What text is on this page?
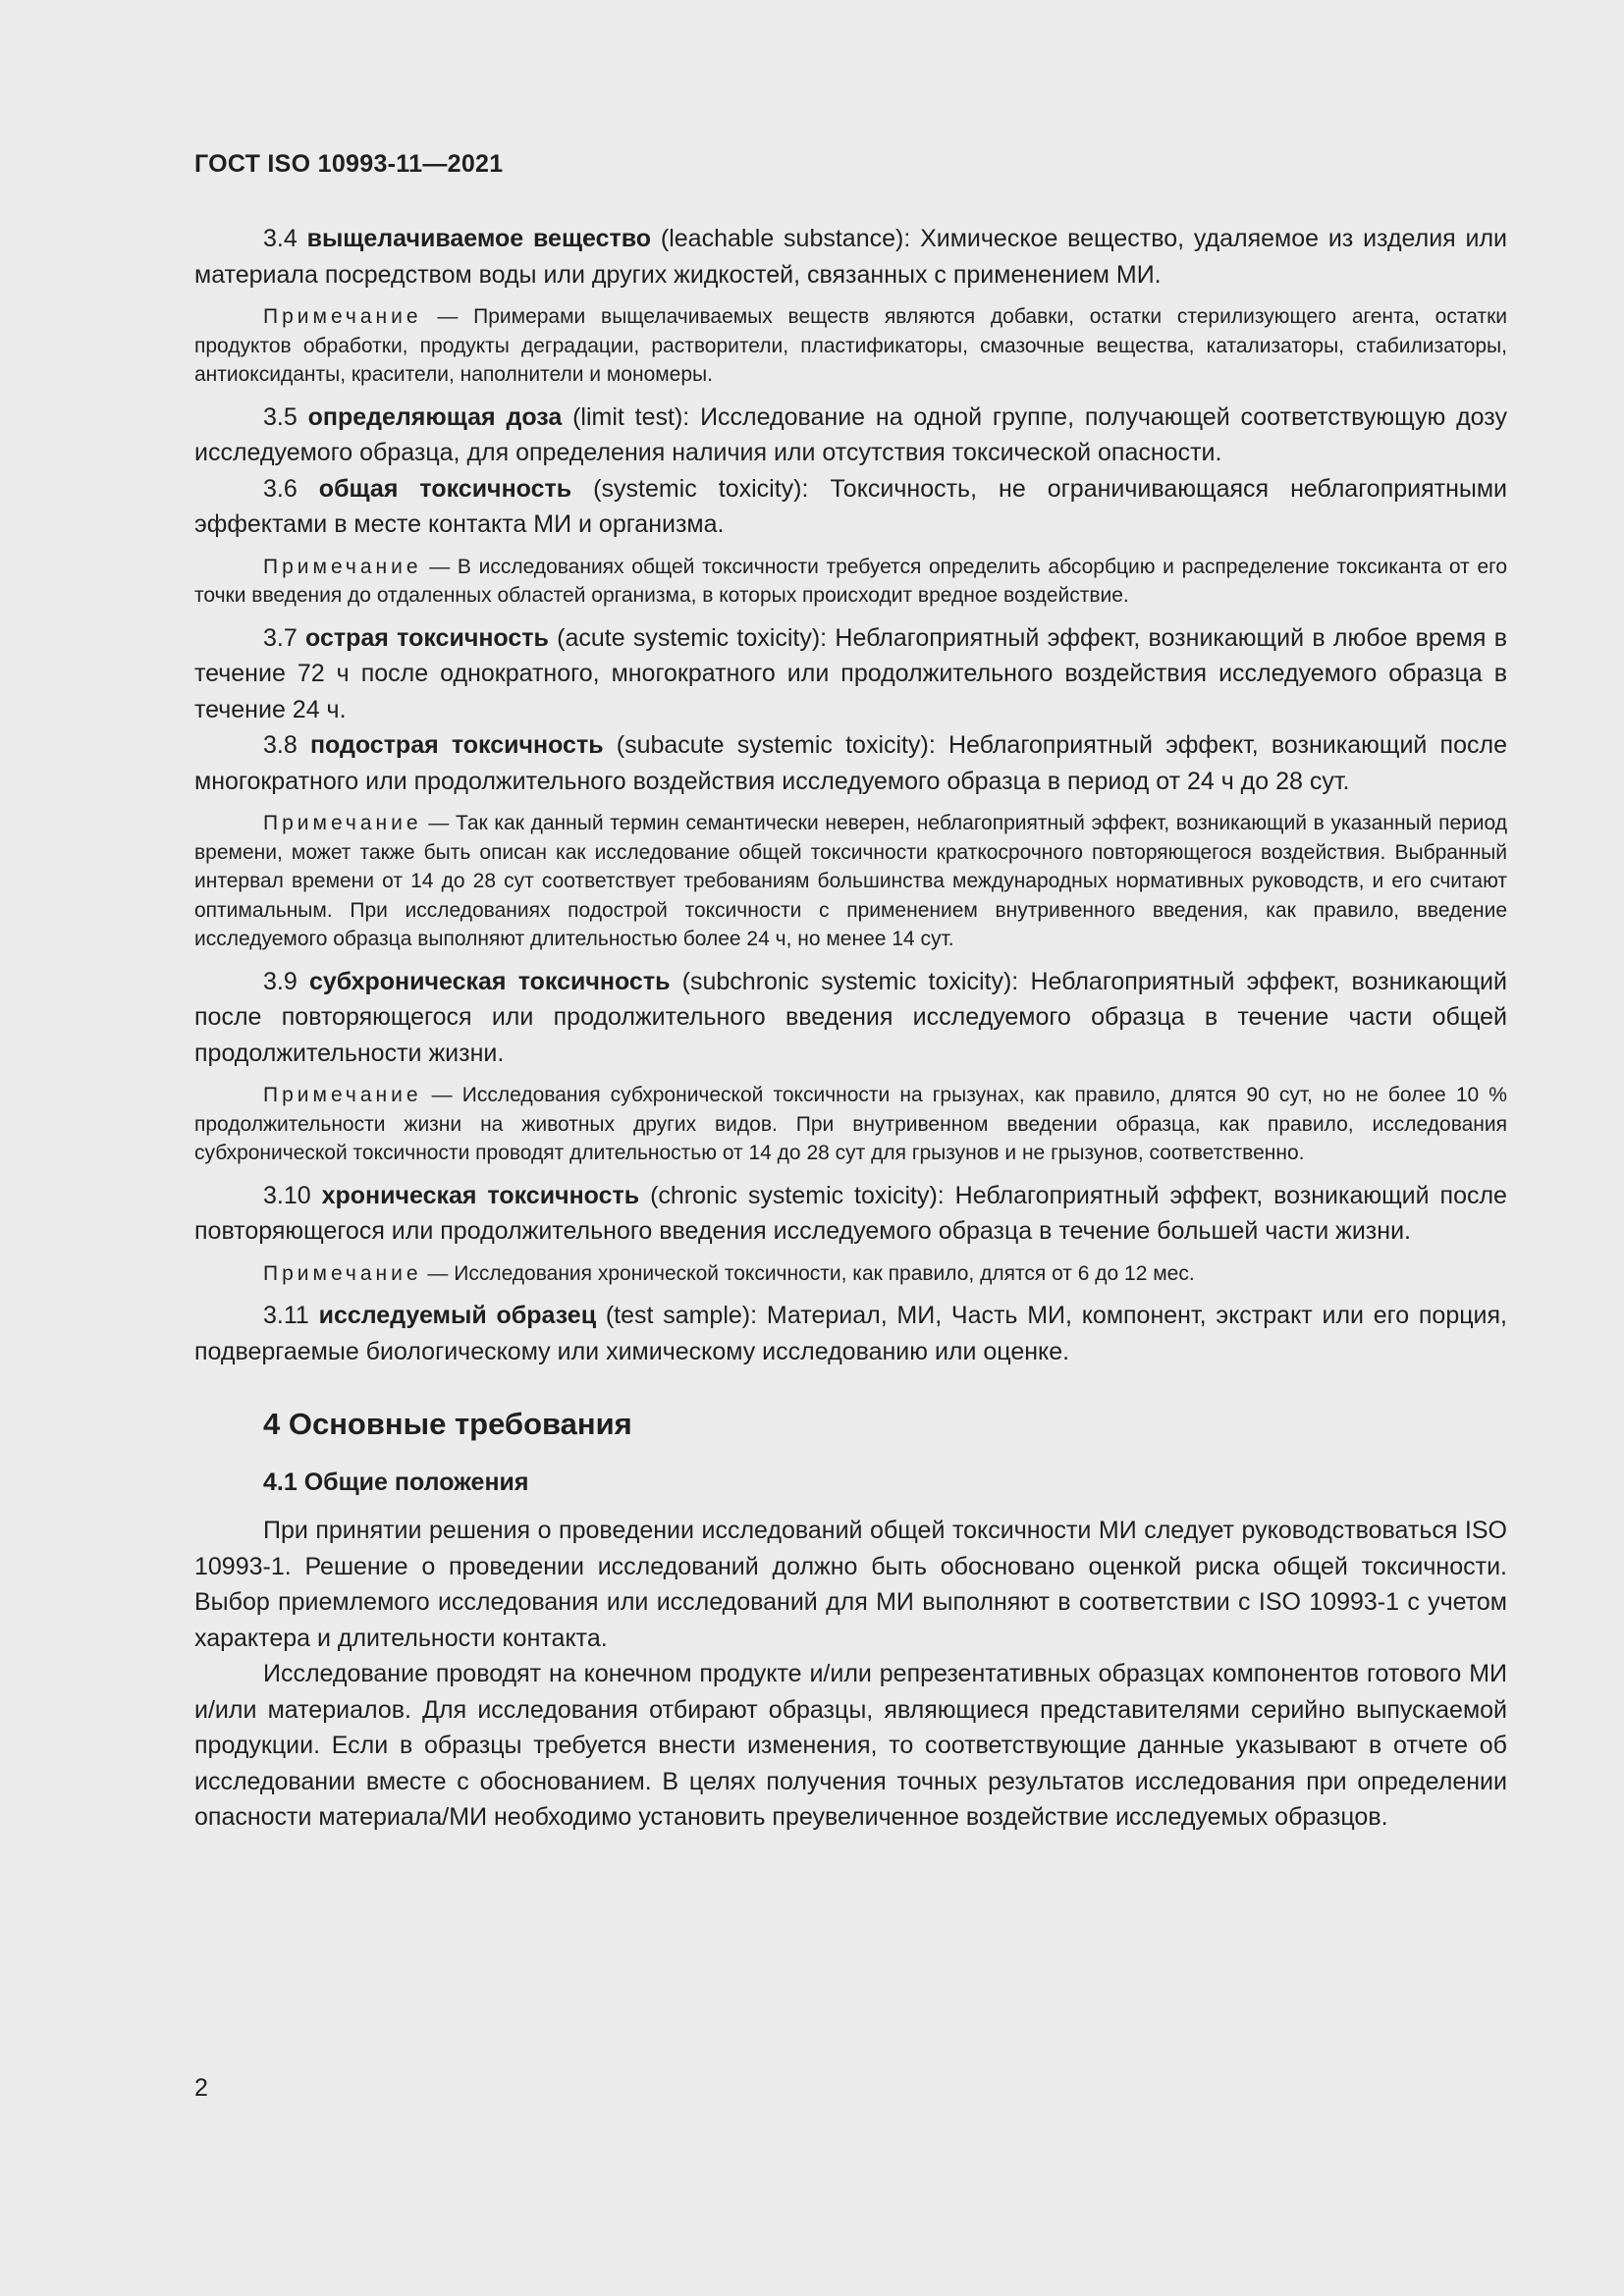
ГОСТ ISO 10993-11—2021

3.4 выщелачиваемое вещество (leachable substance): Химическое вещество, удаляемое из изделия или материала посредством воды или других жидкостей, связанных с применением МИ.

Примечание — Примерами выщелачиваемых веществ являются добавки, остатки стерилизующего агента, остатки продуктов обработки, продукты деградации, растворители, пластификаторы, смазочные вещества, катализаторы, стабилизаторы, антиоксиданты, красители, наполнители и мономеры.

3.5 определяющая доза (limit test): Исследование на одной группе, получающей соответствующую дозу исследуемого образца, для определения наличия или отсутствия токсической опасности.

3.6 общая токсичность (systemic toxicity): Токсичность, не ограничивающаяся неблагоприятными эффектами в месте контакта МИ и организма.

Примечание — В исследованиях общей токсичности требуется определить абсорбцию и распределение токсиканта от его точки введения до отдаленных областей организма, в которых происходит вредное воздействие.

3.7 острая токсичность (acute systemic toxicity): Неблагоприятный эффект, возникающий в любое время в течение 72 ч после однократного, многократного или продолжительного воздействия исследуемого образца в течение 24 ч.

3.8 подострая токсичность (subacute systemic toxicity): Неблагоприятный эффект, возникающий после многократного или продолжительного воздействия исследуемого образца в период от 24 ч до 28 сут.

Примечание — Так как данный термин семантически неверен, неблагоприятный эффект, возникающий в указанный период времени, может также быть описан как исследование общей токсичности краткосрочного повторяющегося воздействия. Выбранный интервал времени от 14 до 28 сут соответствует требованиям большинства международных нормативных руководств, и его считают оптимальным. При исследованиях подострой токсичности с применением внутривенного введения, как правило, введение исследуемого образца выполняют длительностью более 24 ч, но менее 14 сут.

3.9 субхроническая токсичность (subchronic systemic toxicity): Неблагоприятный эффект, возникающий после повторяющегося или продолжительного введения исследуемого образца в течение части общей продолжительности жизни.

Примечание — Исследования субхронической токсичности на грызунах, как правило, длятся 90 сут, но не более 10 % продолжительности жизни на животных других видов. При внутривенном введении образца, как правило, исследования субхронической токсичности проводят длительностью от 14 до 28 сут для грызунов и не грызунов, соответственно.

3.10 хроническая токсичность (chronic systemic toxicity): Неблагоприятный эффект, возникающий после повторяющегося или продолжительного введения исследуемого образца в течение большей части жизни.

Примечание — Исследования хронической токсичности, как правило, длятся от 6 до 12 мес.

3.11 исследуемый образец (test sample): Материал, МИ, Часть МИ, компонент, экстракт или его порция, подвергаемые биологическому или химическому исследованию или оценке.

4 Основные требования
4.1 Общие положения

При принятии решения о проведении исследований общей токсичности МИ следует руководствоваться ISO 10993-1. Решение о проведении исследований должно быть обосновано оценкой риска общей токсичности. Выбор приемлемого исследования или исследований для МИ выполняют в соответствии с ISO 10993-1 с учетом характера и длительности контакта.

Исследование проводят на конечном продукте и/или репрезентативных образцах компонентов готового МИ и/или материалов. Для исследования отбирают образцы, являющиеся представителями серийно выпускаемой продукции. Если в образцы требуется внести изменения, то соответствующие данные указывают в отчете об исследовании вместе с обоснованием. В целях получения точных результатов исследования при определении опасности материала/МИ необходимо установить преувеличенное воздействие исследуемых образцов.

2
